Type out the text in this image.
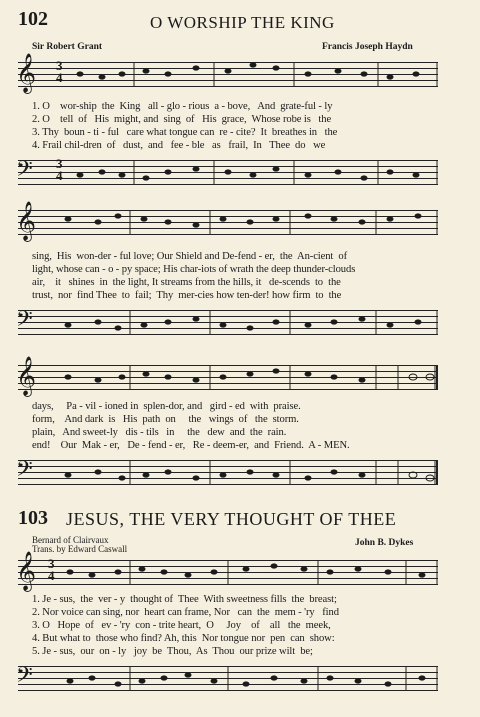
102	O WORSHIP THE KING
Sir Robert Grant	Francis Joseph Haydn
𝄞 3
4
1. O    wor-ship  the  King   all - glo - rious  a - bove,   And  grate-ful - ly
2. O    tell  of   His  might, and  sing  of   His  grace,  Whose robe is   the
3. Thy  boun - ti - ful   care what tongue can  re - cite?  It  breathes in   the
4. Frail chil-dren  of   dust,  and   fee - ble   as   frail,  In   Thee  do   we
𝄢 3
4
𝄞
sing,  His  won-der - ful love; Our Shield and De-fend - er,  the  An-cient  of
light, whose can - o - py space; His char-iots of wrath the deep thunder-clouds
air,    it   shines  in  the light, It streams from the hills, it   de-scends  to  the
trust,  nor  find Thee  to  fail;  Thy  mer-cies how ten-der! how firm  to  the
𝄢
𝄞
days,     Pa - vil - ioned in  splen-dor, and   gird - ed  with  praise.
form,    And dark  is   His  path  on     the   wings  of   the  storm.
plain,   And sweet-ly   dis - tils   in     the   dew  and  the  rain.
end!    Our  Mak - er,   De - fend - er,   Re - deem-er,  and  Friend.  A - MEN.
𝄢
103 JESUS, THE VERY THOUGHT OF THEE
Bernard of Clairvaux
Trans. by Edward Caswall
John B. Dykes
𝄞 3
4
1. Je - sus,  the  ver - y  thought of  Thee  With sweetness fills  the  breast;
2. Nor voice can sing, nor  heart can frame, Nor   can  the  mem - 'ry   find
3. O   Hope  of   ev - 'ry  con - trite heart,  O     Joy    of    all   the  meek,
4. But what to  those who find? Ah, this  Nor tongue nor  pen  can  show:
5. Je - sus,  our  on - ly   joy  be  Thou,  As  Thou  our prize wilt  be;
𝄢
